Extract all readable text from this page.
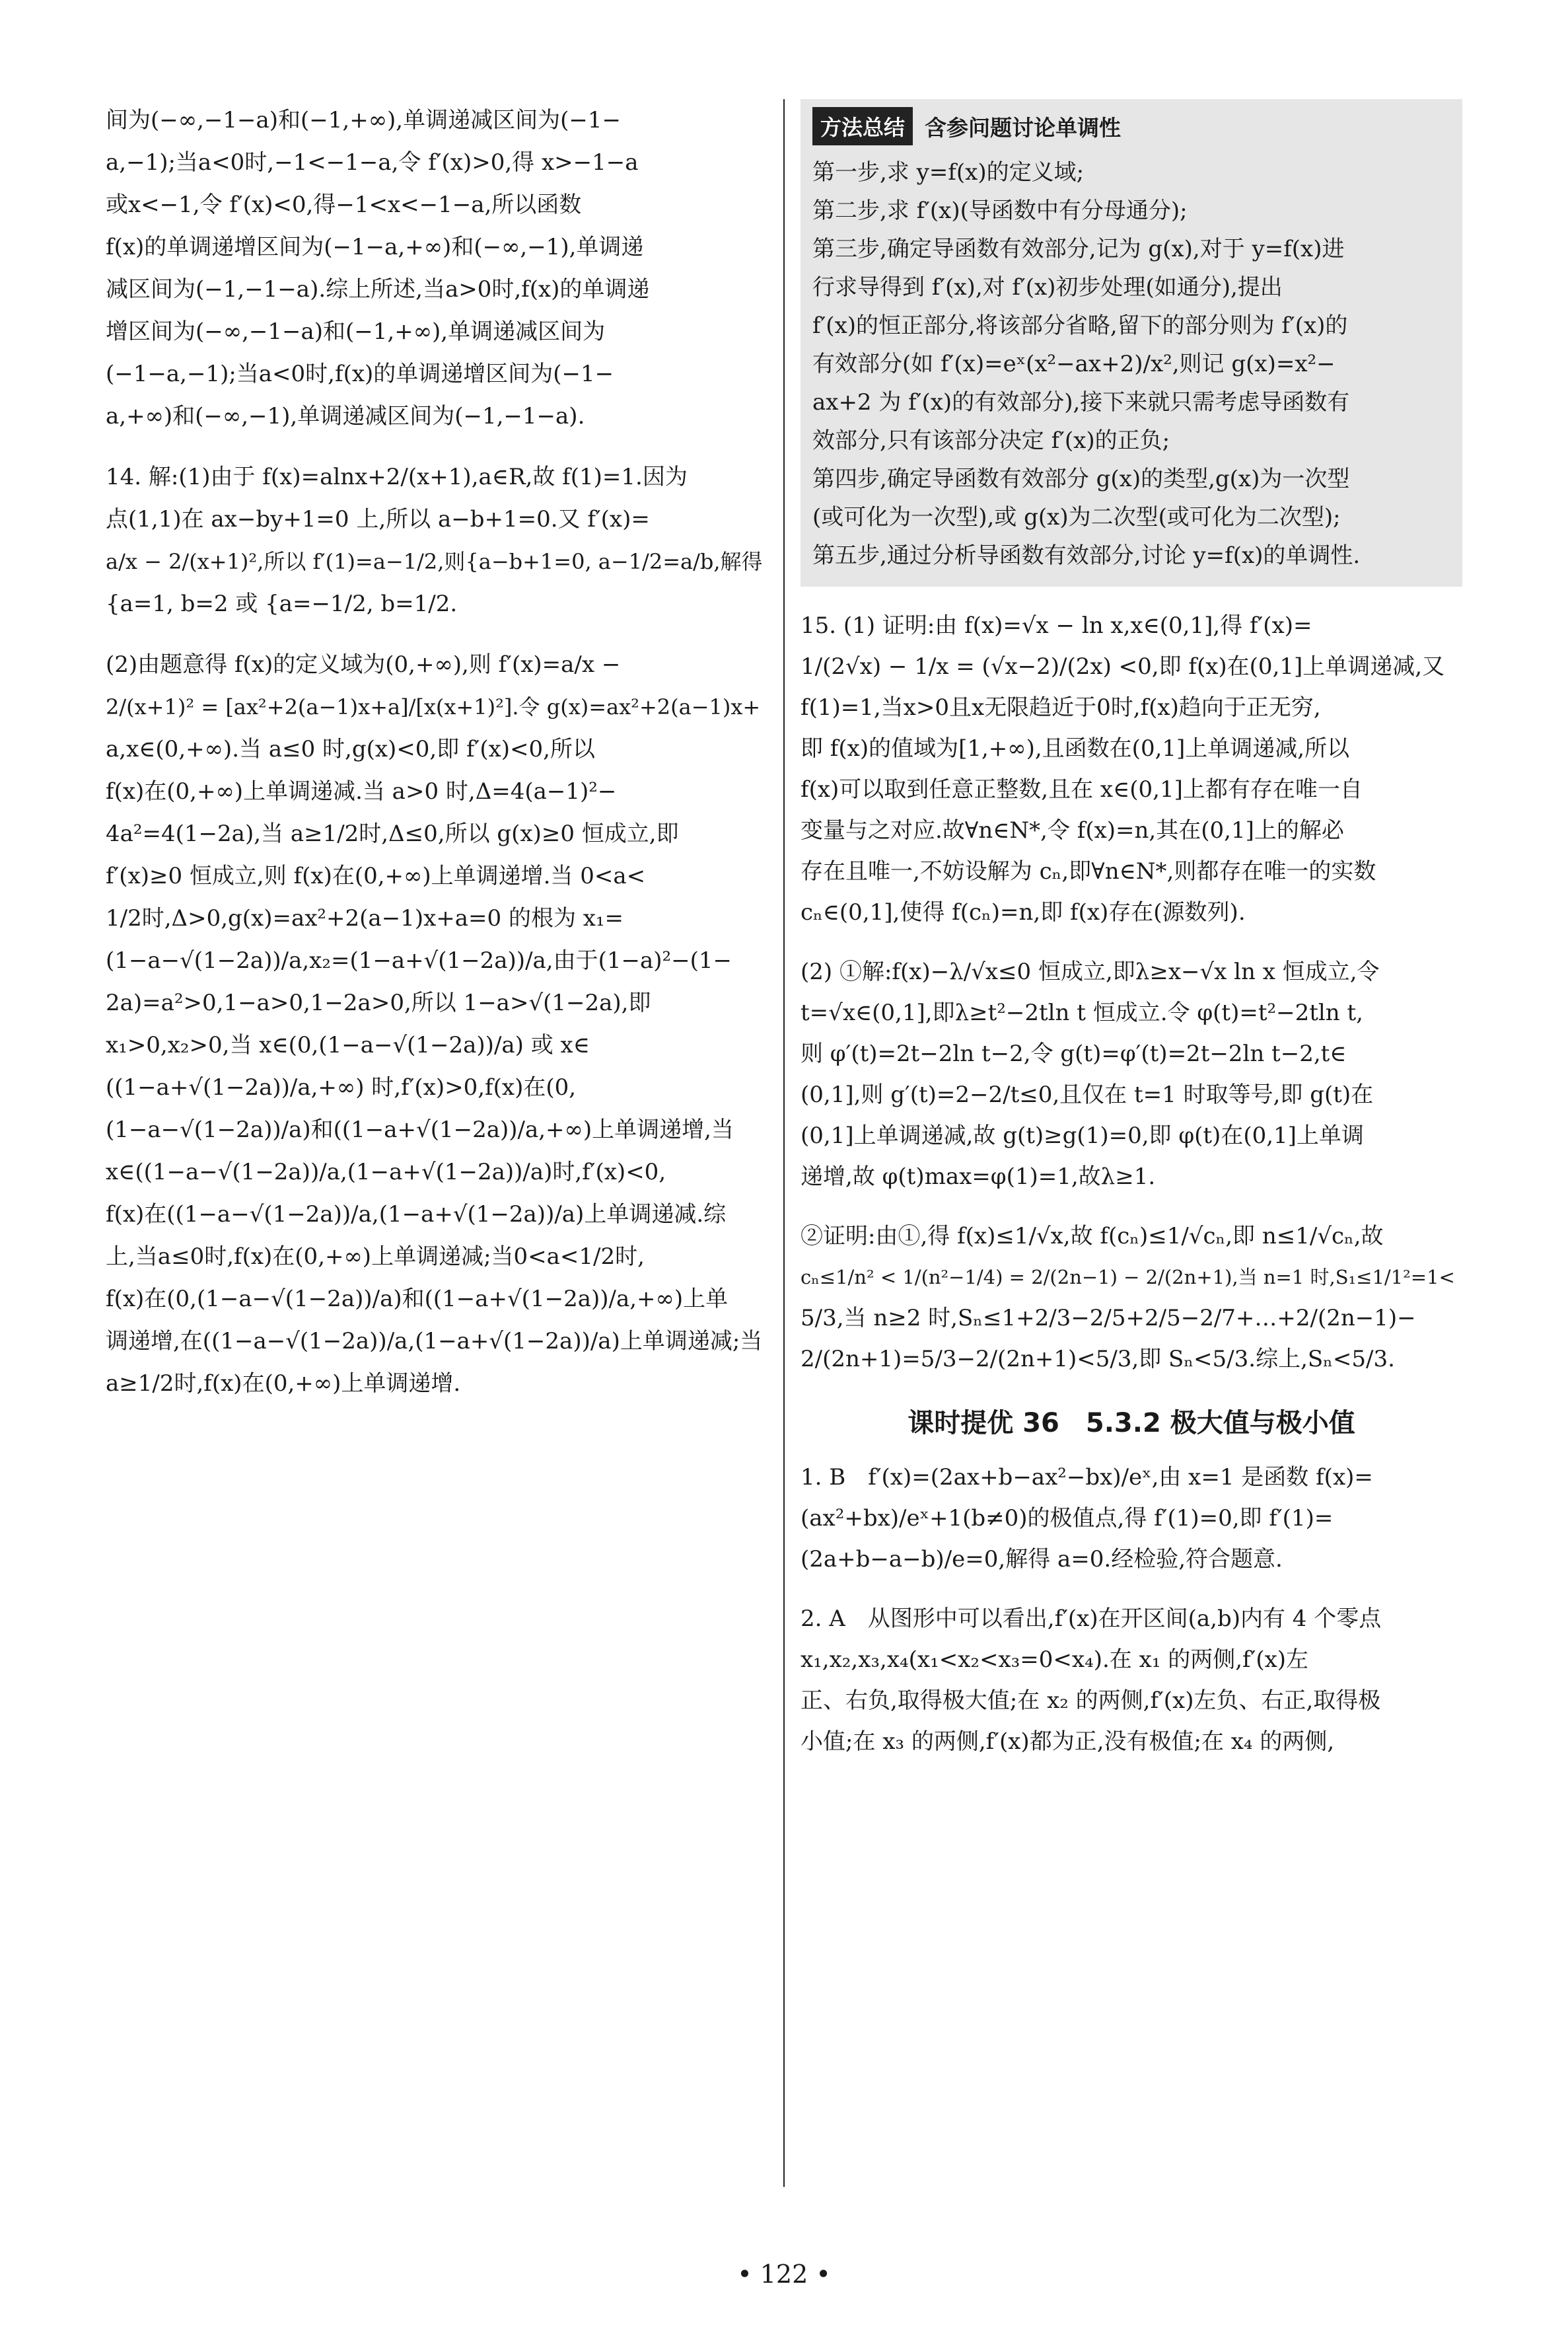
间为(−∞,−1−a)和(−1,+∞),单调递减区间为(−1−
a,−1);当a<0时,−1<−1−a,令 f′(x)>0,得 x>−1−a
或x<−1,令 f′(x)<0,得−1<x<−1−a,所以函数
f(x)的单调递增区间为(−1−a,+∞)和(−∞,−1),单调递
减区间为(−1,−1−a).综上所述,当a>0时,f(x)的单调递
增区间为(−∞,−1−a)和(−1,+∞),单调递减区间为
(−1−a,−1);当a<0时,f(x)的单调递增区间为(−1−
a,+∞)和(−∞,−1),单调递减区间为(−1,−1−a).
14. 解:(1)由于 f(x)=alnx+2/(x+1),a∈R,故 f(1)=1.因为
点(1,1)在 ax−by+1=0 上,所以 a−b+1=0.又 f′(x)=
a/x − 2/(x+1)²,所以 f′(1)=a−1/2,则{a−b+1=0, a−1/2=a/b,解得
{a=1, b=2 或 {a=−1/2, b=1/2.
(2)由题意得 f(x)的定义域为(0,+∞),则 f′(x)=a/x −
2/(x+1)² = [ax²+2(a−1)x+a]/[x(x+1)²].令 g(x)=ax²+2(a−1)x+
a,x∈(0,+∞).当 a≤0 时,g(x)<0,即 f′(x)<0,所以
f(x)在(0,+∞)上单调递减.当 a>0 时,Δ=4(a−1)²−
4a²=4(1−2a),当 a≥1/2时,Δ≤0,所以 g(x)≥0 恒成立,即
f′(x)≥0 恒成立,则 f(x)在(0,+∞)上单调递增.当 0<a<
1/2时,Δ>0,g(x)=ax²+2(a−1)x+a=0 的根为 x₁=
(1−a−√(1−2a))/a,x₂=(1−a+√(1−2a))/a,由于(1−a)²−(1−
2a)=a²>0,1−a>0,1−2a>0,所以 1−a>√(1−2a),即
x₁>0,x₂>0,当 x∈(0,(1−a−√(1−2a))/a) 或 x∈
((1−a+√(1−2a))/a,+∞) 时,f′(x)>0,f(x)在(0,
(1−a−√(1−2a))/a)和((1−a+√(1−2a))/a,+∞)上单调递增,当
x∈((1−a−√(1−2a))/a,(1−a+√(1−2a))/a)时,f′(x)<0,
f(x)在((1−a−√(1−2a))/a,(1−a+√(1−2a))/a)上单调递减.综
上,当a≤0时,f(x)在(0,+∞)上单调递减;当0<a<1/2时,
f(x)在(0,(1−a−√(1−2a))/a)和((1−a+√(1−2a))/a,+∞)上单
调递增,在((1−a−√(1−2a))/a,(1−a+√(1−2a))/a)上单调递减;当
a≥1/2时,f(x)在(0,+∞)上单调递增.
方法总结 含参问题讨论单调性
第一步,求 y=f(x)的定义域;
第二步,求 f′(x)(导函数中有分母通分);
第三步,确定导函数有效部分,记为 g(x),对于 y=f(x)进
行求导得到 f′(x),对 f′(x)初步处理(如通分),提出
f′(x)的恒正部分,将该部分省略,留下的部分则为 f′(x)的
有效部分(如 f′(x)=eˣ(x²−ax+2)/x²,则记 g(x)=x²−
ax+2 为 f′(x)的有效部分),接下来就只需考虑导函数有
效部分,只有该部分决定 f′(x)的正负;
第四步,确定导函数有效部分 g(x)的类型,g(x)为一次型
(或可化为一次型),或 g(x)为二次型(或可化为二次型);
第五步,通过分析导函数有效部分,讨论 y=f(x)的单调性.
15. (1) 证明:由 f(x)=√x − ln x,x∈(0,1],得 f′(x)=
1/(2√x) − 1/x = (√x−2)/(2x) <0,即 f(x)在(0,1]上单调递减,又
f(1)=1,当x>0且x无限趋近于0时,f(x)趋向于正无穷,
即 f(x)的值域为[1,+∞),且函数在(0,1]上单调递减,所以
f(x)可以取到任意正整数,且在 x∈(0,1]上都有存在唯一自
变量与之对应.故∀n∈N*,令 f(x)=n,其在(0,1]上的解必
存在且唯一,不妨设解为 cₙ,即∀n∈N*,则都存在唯一的实数
cₙ∈(0,1],使得 f(cₙ)=n,即 f(x)存在(源数列).
(2) ①解:f(x)−λ/√x≤0 恒成立,即λ≥x−√x ln x 恒成立,令
t=√x∈(0,1],即λ≥t²−2tln t 恒成立.令 φ(t)=t²−2tln t,
则 φ′(t)=2t−2ln t−2,令 g(t)=φ′(t)=2t−2ln t−2,t∈
(0,1],则 g′(t)=2−2/t≤0,且仅在 t=1 时取等号,即 g(t)在
(0,1]上单调递减,故 g(t)≥g(1)=0,即 φ(t)在(0,1]上单调
递增,故 φ(t)max=φ(1)=1,故λ≥1.
②证明:由①,得 f(x)≤1/√x,故 f(cₙ)≤1/√cₙ,即 n≤1/√cₙ,故
cₙ≤1/n² < 1/(n²−1/4) = 2/(2n−1) − 2/(2n+1),当 n=1 时,S₁≤1/1²=1<
5/3,当 n≥2 时,Sₙ≤1+2/3−2/5+2/5−2/7+…+2/(2n−1)−
2/(2n+1)=5/3−2/(2n+1)<5/3,即 Sₙ<5/3.综上,Sₙ<5/3.
课时提优 36　5.3.2 极大值与极小值
1. B　f′(x)=(2ax+b−ax²−bx)/eˣ,由 x=1 是函数 f(x)=
(ax²+bx)/eˣ+1(b≠0)的极值点,得 f′(1)=0,即 f′(1)=
(2a+b−a−b)/e=0,解得 a=0.经检验,符合题意.
2. A　从图形中可以看出,f′(x)在开区间(a,b)内有 4 个零点
x₁,x₂,x₃,x₄(x₁<x₂<x₃=0<x₄).在 x₁ 的两侧,f′(x)左
正、右负,取得极大值;在 x₂ 的两侧,f′(x)左负、右正,取得极
小值;在 x₃ 的两侧,f′(x)都为正,没有极值;在 x₄ 的两侧,
• 122 •
